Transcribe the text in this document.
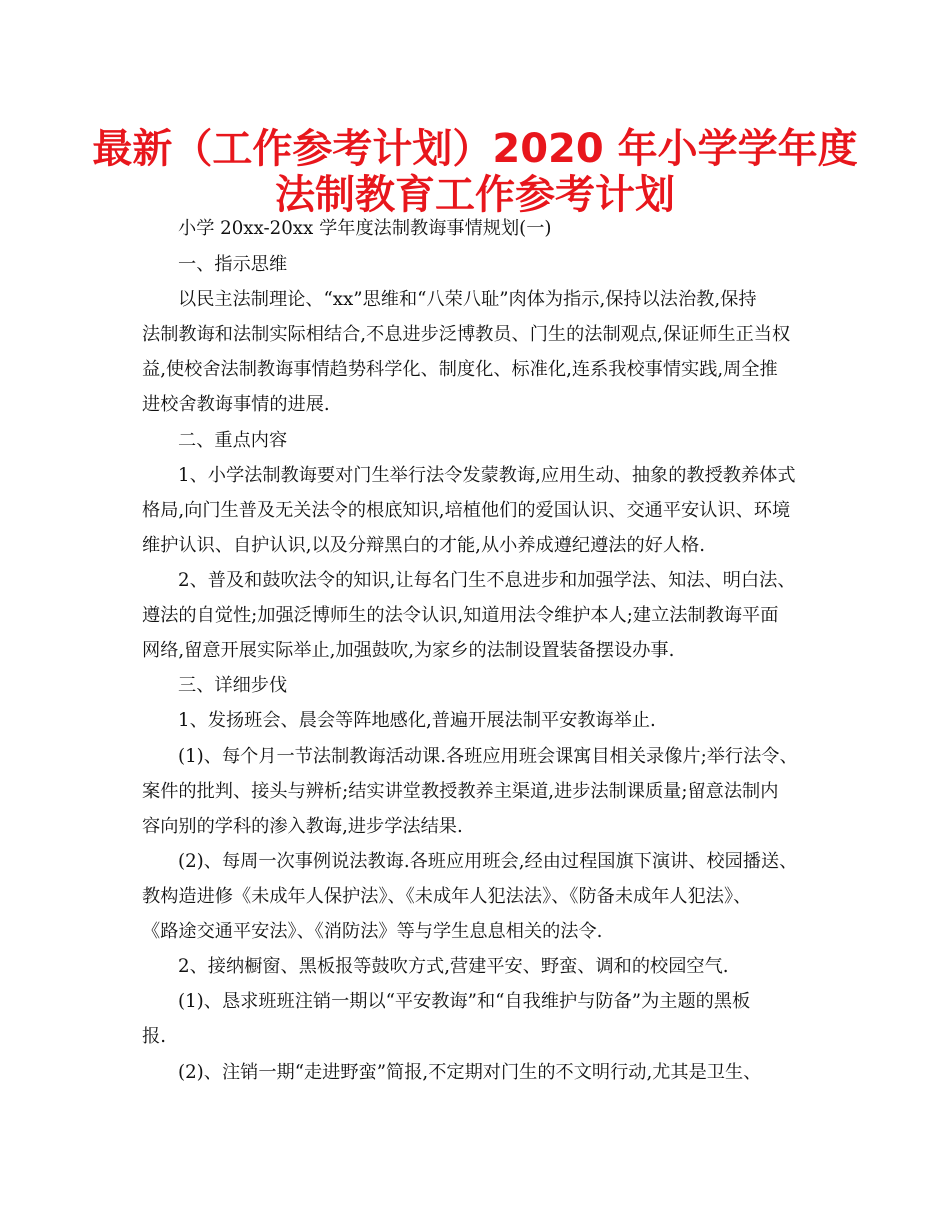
最新（工作参考计划）2020 年小学学年度
法制教育工作参考计划

小学 20xx-20xx 学年度法制教诲事情规划(一)

一、指示思维

以民主法制理论、“xx”思维和“八荣八耻”肉体为指示,保持以法治教,保持

法制教诲和法制实际相结合,不息进步泛博教员、门生的法制观点,保证师生正当权

益,使校舍法制教诲事情趋势科学化、制度化、标准化,连系我校事情实践,周全推

进校舍教诲事情的进展.

二、重点内容

1、小学法制教诲要对门生举行法令发蒙教诲,应用生动、抽象的教授教养体式

格局,向门生普及无关法令的根底知识,培植他们的爱国认识、交通平安认识、环境

维护认识、自护认识,以及分辩黑白的才能,从小养成遵纪遵法的好人格.

2、普及和鼓吹法令的知识,让每名门生不息进步和加强学法、知法、明白法、

遵法的自觉性;加强泛博师生的法令认识,知道用法令维护本人;建立法制教诲平面

网络,留意开展实际举止,加强鼓吹,为家乡的法制设置装备摆设办事.

三、详细步伐

1、发扬班会、晨会等阵地感化,普遍开展法制平安教诲举止.

(1)、每个月一节法制教诲活动课.各班应用班会课寓目相关录像片;举行法令、

案件的批判、接头与辨析;结实讲堂教授教养主渠道,进步法制课质量;留意法制内

容向别的学科的渗入教诲,进步学法结果.

(2)、每周一次事例说法教诲.各班应用班会,经由过程国旗下演讲、校园播送、

教构造进修《未成年人保护法》、《未成年人犯法法》、《防备未成年人犯法》、

《路途交通平安法》、《消防法》等与学生息息相关的法令.

2、接纳橱窗、黑板报等鼓吹方式,营建平安、野蛮、调和的校园空气.

(1)、恳求班班注销一期以“平安教诲”和“自我维护与防备”为主题的黑板

报.

(2)、注销一期“走进野蛮”简报,不定期对门生的不文明行动,尤其是卫生、
